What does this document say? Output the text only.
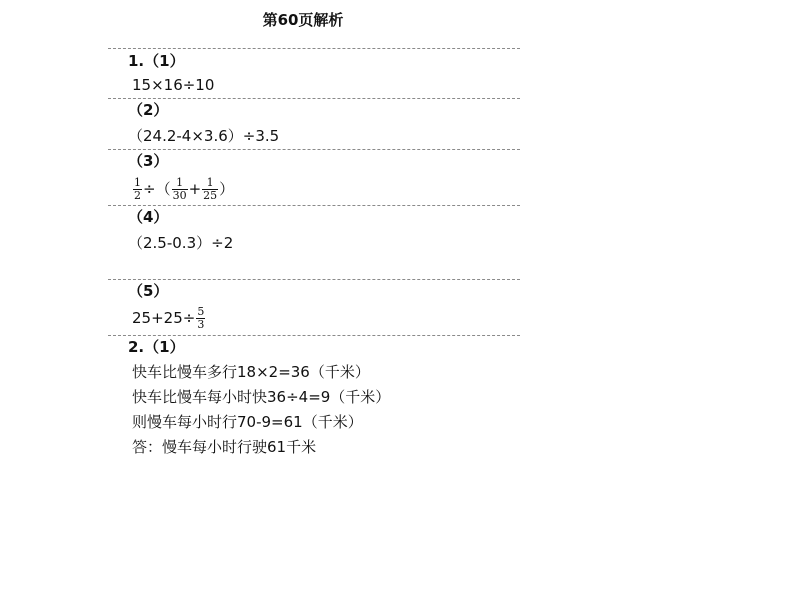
第60页解析
1.（1）
15×16÷10
（2）
（24.2-4×3.6）÷3.5
（3）
$\frac{1}{2}$ ÷（ $\frac{1}{30} + \frac{1}{25}$ ）
（4）
（2.5-0.3）÷2
（5）
$25+25\div \frac{5}{3}$
2.（1）
快车比慢车多行18×2=36（千米）
快车比慢车每小时快36÷4=9（千米）
则慢车每小时行70-9=61（千米）
答：慢车每小时行驶61千米
